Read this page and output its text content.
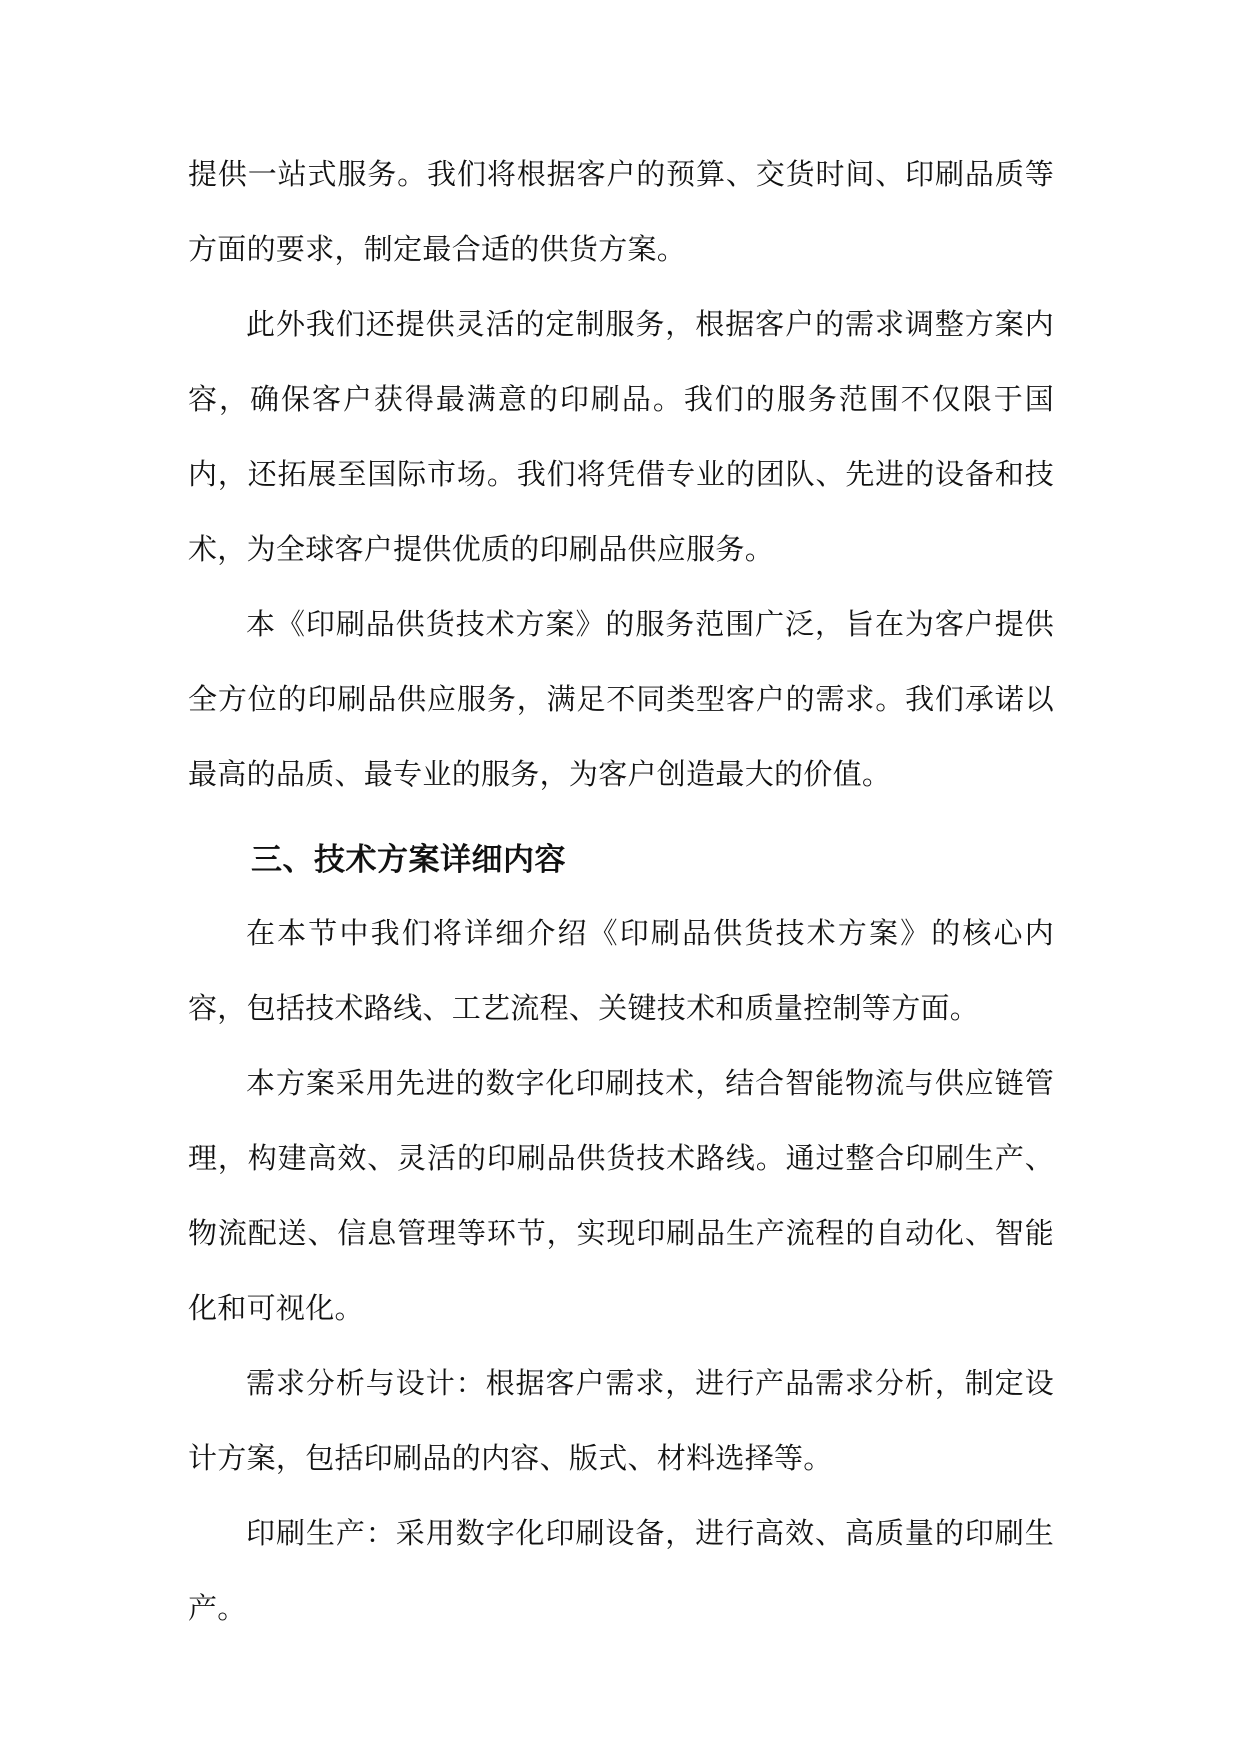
提供一站式服务。我们将根据客户的预算、交货时间、印刷品质等方面的要求，制定最合适的供货方案。

此外我们还提供灵活的定制服务，根据客户的需求调整方案内容，确保客户获得最满意的印刷品。我们的服务范围不仅限于国内，还拓展至国际市场。我们将凭借专业的团队、先进的设备和技术，为全球客户提供优质的印刷品供应服务。

本《印刷品供货技术方案》的服务范围广泛，旨在为客户提供全方位的印刷品供应服务，满足不同类型客户的需求。我们承诺以最高的品质、最专业的服务，为客户创造最大的价值。

三、技术方案详细内容

在本节中我们将详细介绍《印刷品供货技术方案》的核心内容，包括技术路线、工艺流程、关键技术和质量控制等方面。

本方案采用先进的数字化印刷技术，结合智能物流与供应链管理，构建高效、灵活的印刷品供货技术路线。通过整合印刷生产、物流配送、信息管理等环节，实现印刷品生产流程的自动化、智能化和可视化。

需求分析与设计：根据客户需求，进行产品需求分析，制定设计方案，包括印刷品的内容、版式、材料选择等。

印刷生产：采用数字化印刷设备，进行高效、高质量的印刷生产。
